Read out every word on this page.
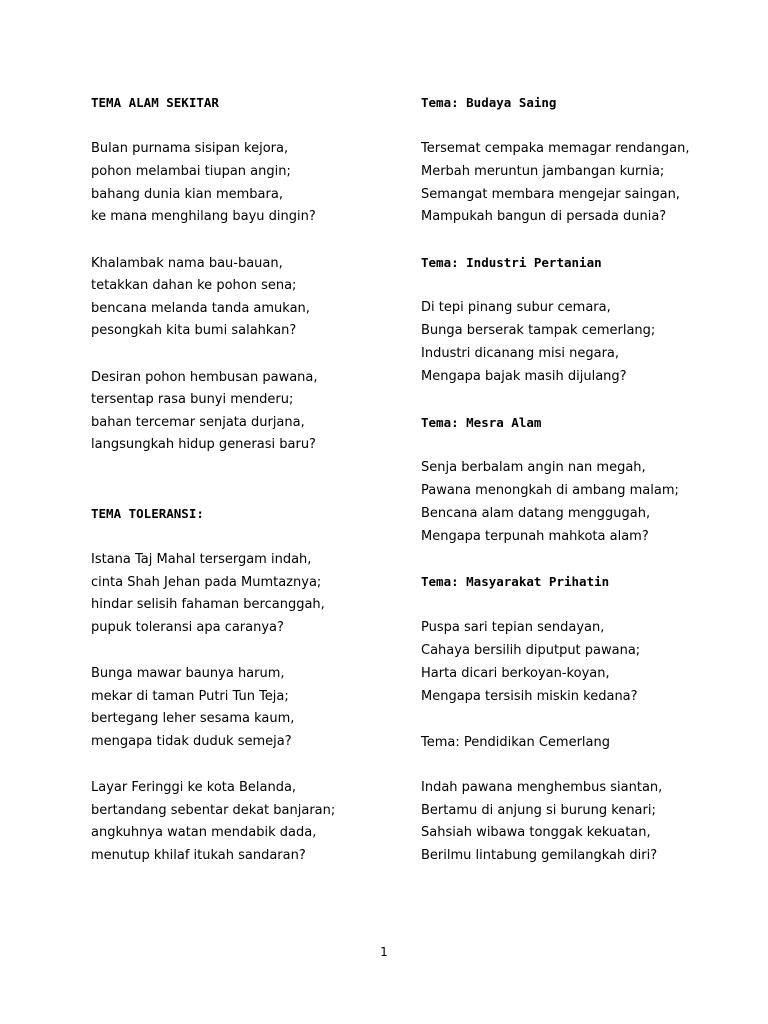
TEMA ALAM SEKITAR
Bulan purnama sisipan kejora,
pohon melambai tiupan angin;
bahang dunia kian membara,
ke mana menghilang bayu dingin?
Khalambak nama bau-bauan,
tetakkan dahan ke pohon sena;
bencana melanda tanda amukan,
pesongkah kita bumi salahkan?
Desiran pohon hembusan pawana,
tersentap rasa bunyi menderu;
bahan tercemar senjata durjana,
langsungkah hidup generasi baru?
TEMA TOLERANSI:
Istana Taj Mahal tersergam indah,
cinta Shah Jehan pada Mumtaznya;
hindar selisih fahaman bercanggah,
pupuk toleransi apa caranya?
Bunga mawar baunya harum,
mekar di taman Putri Tun Teja;
bertegang leher sesama kaum,
mengapa tidak duduk semeja?
Layar Feringgi ke kota Belanda,
bertandang sebentar dekat banjaran;
angkuhnya watan mendabik dada,
menutup khilaf itukah sandaran?
Tema: Budaya Saing
Tersemat cempaka memagar rendangan,
Merbah meruntun jambangan kurnia;
Semangat membara mengejar saingan,
Mampukah bangun di persada dunia?
Tema: Industri Pertanian
Di tepi pinang subur cemara,
Bunga berserak tampak cemerlang;
Industri dicanang misi negara,
Mengapa bajak masih dijulang?
Tema: Mesra Alam
Senja berbalam angin nan megah,
Pawana menongkah di ambang malam;
Bencana alam datang menggugah,
Mengapa terpunah mahkota alam?
Tema: Masyarakat Prihatin
Puspa sari tepian sendayan,
Cahaya bersilih diputput pawana;
Harta dicari berkoyan-koyan,
Mengapa tersisih miskin kedana?
Tema: Pendidikan Cemerlang
Indah pawana menghembus siantan,
Bertamu di anjung si burung kenari;
Sahsiah wibawa tonggak kekuatan,
Berilmu lintabung gemilangkah diri?
1
